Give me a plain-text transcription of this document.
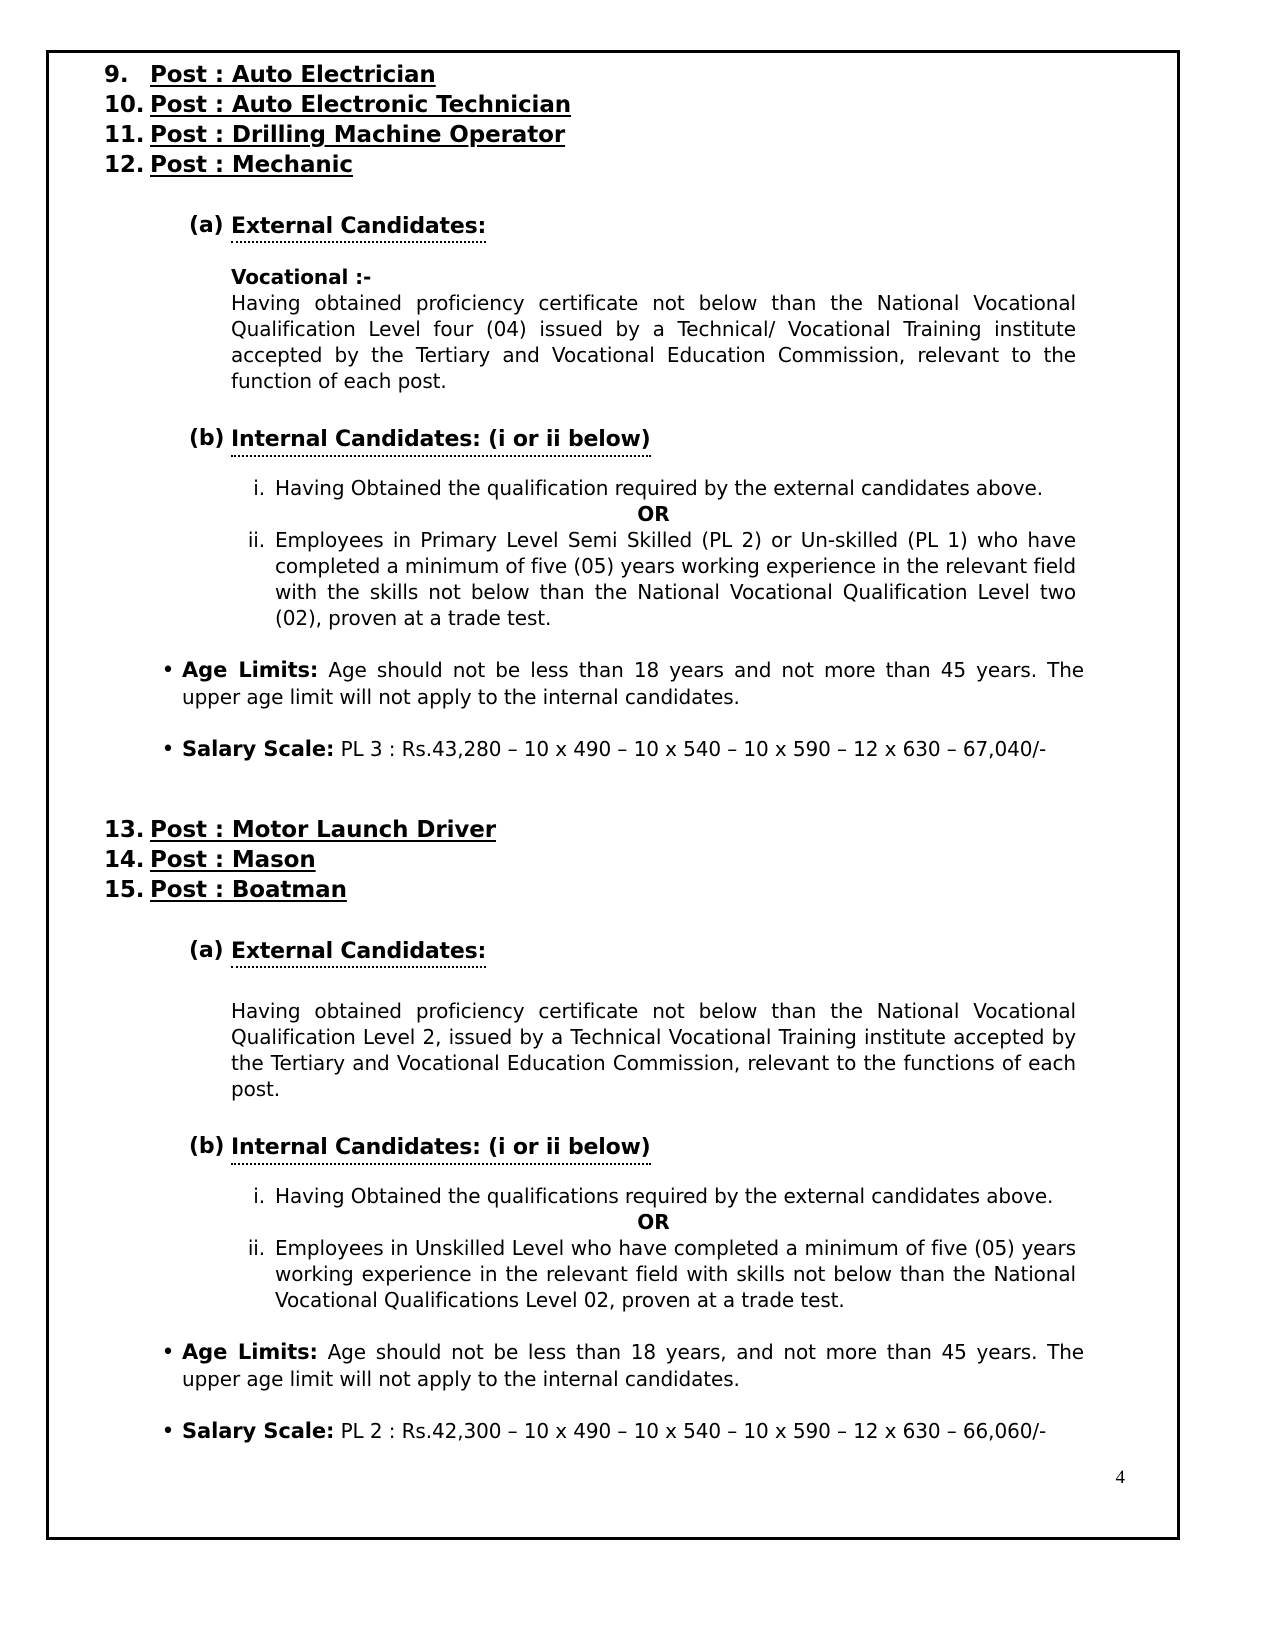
9. Post : Auto Electrician
10. Post : Auto Electronic Technician
11. Post : Drilling Machine Operator
12. Post : Mechanic
(a) External Candidates:
Vocational :-
Having obtained proficiency certificate not below than the National Vocational Qualification Level four (04) issued by a Technical/ Vocational Training institute accepted by the Tertiary and Vocational Education Commission, relevant to the function of each post.
(b) Internal Candidates: (i or ii below)
i. Having Obtained the qualification required by the external candidates above.
OR
ii. Employees in Primary Level Semi Skilled (PL 2) or Un-skilled (PL 1) who have completed a minimum of five (05) years working experience in the relevant field with the skills not below than the National Vocational Qualification Level two (02), proven at a trade test.
• Age Limits: Age should not be less than 18 years and not more than 45 years. The upper age limit will not apply to the internal candidates.
• Salary Scale: PL 3 : Rs.43,280 – 10 x 490 – 10 x 540 – 10 x 590 – 12 x 630 – 67,040/-
13. Post : Motor Launch Driver
14. Post : Mason
15. Post : Boatman
(a) External Candidates:
Having obtained proficiency certificate not below than the National Vocational Qualification Level 2, issued by a Technical Vocational Training institute accepted by the Tertiary and Vocational Education Commission, relevant to the functions of each post.
(b) Internal Candidates: (i or ii below)
i. Having Obtained the qualifications required by the external candidates above.
OR
ii. Employees in Unskilled Level who have completed a minimum of five (05) years working experience in the relevant field with skills not below than the National Vocational Qualifications Level 02, proven at a trade test.
• Age Limits: Age should not be less than 18 years, and not more than 45 years. The upper age limit will not apply to the internal candidates.
• Salary Scale: PL 2 : Rs.42,300 – 10 x 490 – 10 x 540 – 10 x 590 – 12 x 630 – 66,060/-
4
